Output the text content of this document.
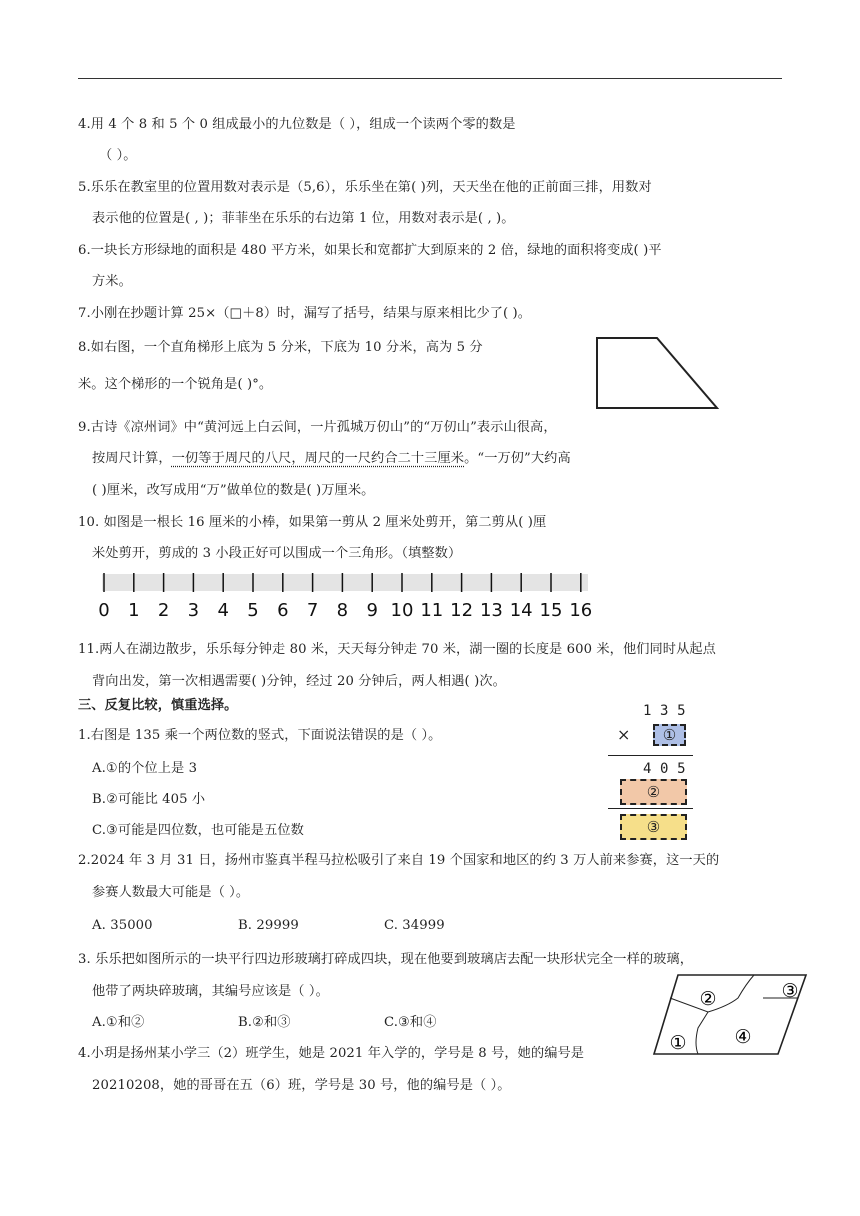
4.用 4 个 8 和 5 个 0 组成最小的九位数是（ ），组成一个读两个零的数是
（ ）。
5.乐乐在教室里的位置用数对表示是（5,6），乐乐坐在第( )列，天天坐在他的正前面三排，用数对
表示他的位置是( , )；菲菲坐在乐乐的右边第 1 位，用数对表示是( , )。
6.一块长方形绿地的面积是 480 平方米，如果长和宽都扩大到原来的 2 倍，绿地的面积将变成( )平
方米。
7.小刚在抄题计算 25×（□＋8）时，漏写了括号，结果与原来相比少了( )。
8.如右图，一个直角梯形上底为 5 分米，下底为 10 分米，高为 5 分
米。这个梯形的一个锐角是( )°。
9.古诗《凉州词》中“黄河远上白云间，一片孤城万仞山”的“万仞山”表示山很高，
按周尺计算，一仞等于周尺的八尺，周尺的一尺约合二十三厘米。“一万仞”大约高
( )厘米，改写成用“万”做单位的数是( )万厘米。
10. 如图是一根长 16 厘米的小棒，如果第一剪从 2 厘米处剪开，第二剪从( )厘
米处剪开，剪成的 3 小段正好可以围成一个三角形。（填整数）
0 1 2 3 4 5 6 7 8 9 10 11 12 13 14 15 16
11.两人在湖边散步，乐乐每分钟走 80 米，天天每分钟走 70 米，湖一圈的长度是 600 米，他们同时从起点
背向出发，第一次相遇需要( )分钟，经过 20 分钟后，两人相遇( )次。
三、反复比较，慎重选择。
1.右图是 135 乘一个两位数的竖式，下面说法错误的是（ ）。
A.①的个位上是 3
B.②可能比 405 小
C.③可能是四位数，也可能是五位数
1 3 5
×	①
4 0 5
②
③
2.2024 年 3 月 31 日，扬州市鉴真半程马拉松吸引了来自 19 个国家和地区的约 3 万人前来参赛，这一天的
参赛人数最大可能是（ ）。
A. 35000	B. 29999	C. 34999
3. 乐乐把如图所示的一块平行四边形玻璃打碎成四块，现在他要到玻璃店去配一块形状完全一样的玻璃，
他带了两块碎玻璃，其编号应该是（ ）。
A.①和②	B.②和③	C.③和④
②	③
①	④
4.小玥是扬州某小学三（2）班学生，她是 2021 年入学的，学号是 8 号，她的编号是
20210208，她的哥哥在五（6）班，学号是 30 号，他的编号是（ ）。
